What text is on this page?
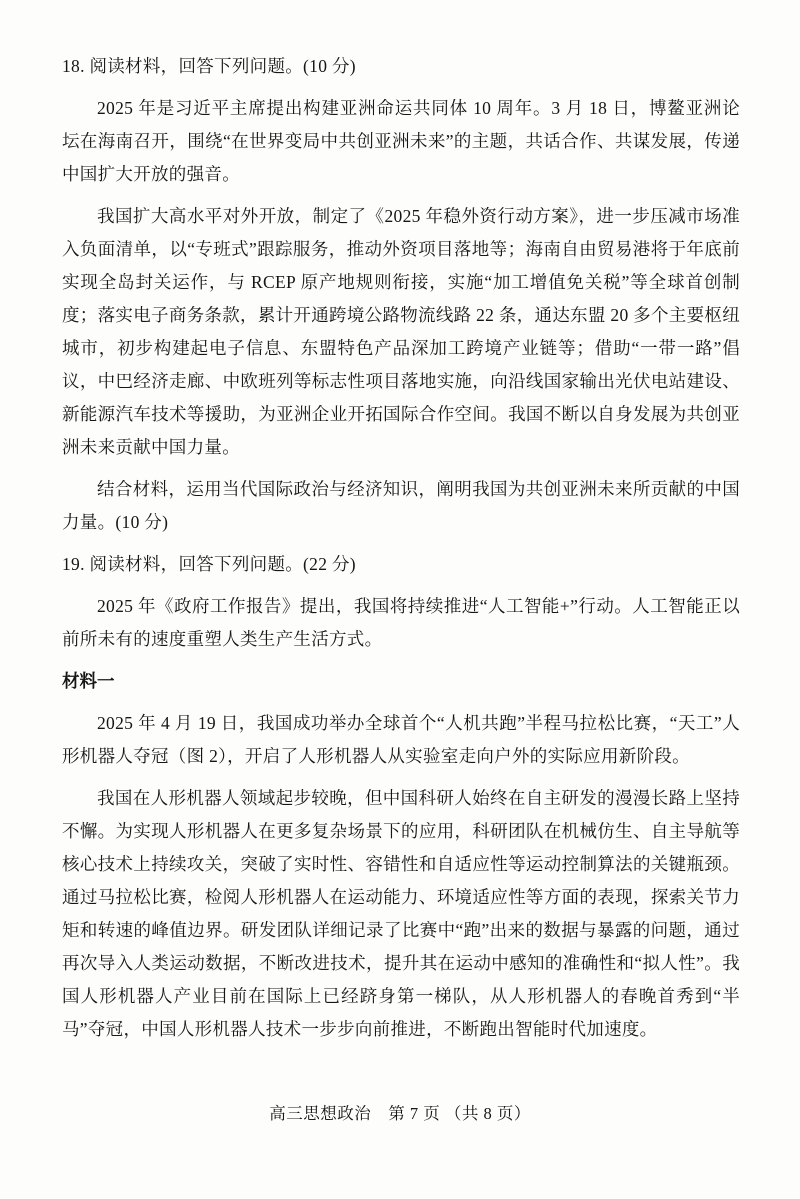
18. 阅读材料，回答下列问题。(10 分)

2025 年是习近平主席提出构建亚洲命运共同体 10 周年。3 月 18 日，博鳌亚洲论坛在海南召开，围绕“在世界变局中共创亚洲未来”的主题，共话合作、共谋发展，传递中国扩大开放的强音。

我国扩大高水平对外开放，制定了《2025 年稳外资行动方案》，进一步压减市场准入负面清单，以“专班式”跟踪服务，推动外资项目落地等；海南自由贸易港将于年底前实现全岛封关运作，与 RCEP 原产地规则衔接，实施“加工增值免关税”等全球首创制度；落实电子商务条款，累计开通跨境公路物流线路 22 条，通达东盟 20 多个主要枢纽城市，初步构建起电子信息、东盟特色产品深加工跨境产业链等；借助“一带一路”倡议，中巴经济走廊、中欧班列等标志性项目落地实施，向沿线国家输出光伏电站建设、新能源汽车技术等援助，为亚洲企业开拓国际合作空间。我国不断以自身发展为共创亚洲未来贡献中国力量。

结合材料，运用当代国际政治与经济知识，阐明我国为共创亚洲未来所贡献的中国力量。(10 分)

19. 阅读材料，回答下列问题。(22 分)

2025 年《政府工作报告》提出，我国将持续推进“人工智能+”行动。人工智能正以前所未有的速度重塑人类生产生活方式。

材料一

2025 年 4 月 19 日，我国成功举办全球首个“人机共跑”半程马拉松比赛，“天工”人形机器人夺冠（图 2），开启了人形机器人从实验室走向户外的实际应用新阶段。

我国在人形机器人领域起步较晚，但中国科研人始终在自主研发的漫漫长路上坚持不懈。为实现人形机器人在更多复杂场景下的应用，科研团队在机械仿生、自主导航等核心技术上持续攻关，突破了实时性、容错性和自适应性等运动控制算法的关键瓶颈。通过马拉松比赛，检阅人形机器人在运动能力、环境适应性等方面的表现，探索关节力矩和转速的峰值边界。研发团队详细记录了比赛中“跑”出来的数据与暴露的问题，通过再次导入人类运动数据，不断改进技术，提升其在运动中感知的准确性和“拟人性”。我国人形机器人产业目前在国际上已经跻身第一梯队，从人形机器人的春晚首秀到“半马”夺冠，中国人形机器人技术一步步向前推进，不断跑出智能时代加速度。

高三思想政治　第 7 页 （共 8 页）
